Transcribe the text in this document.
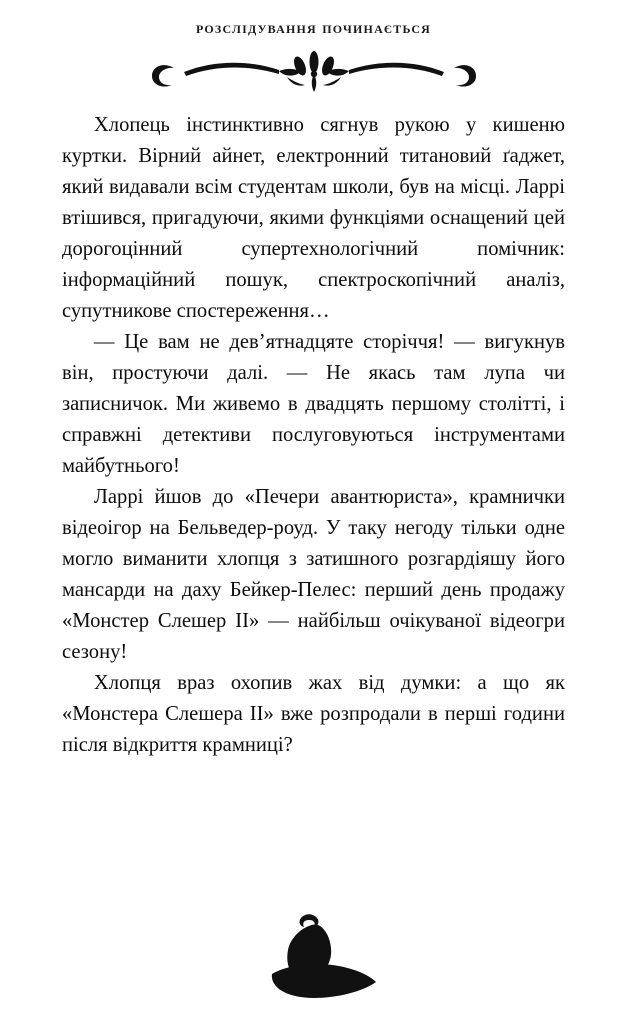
розслідування починається

Хлопець інстинктивно сягнув рукою у кишеню куртки. Вірний айнет, електронний титановий ґаджет, який видавали всім студентам школи, був на місці. Ларрі втішився, пригадуючи, якими функціями оснащений цей дорогоцінний супертехнологічний помічник: інформаційний пошук, спектроскопічний аналіз, супутникове спостереження…

— Це вам не дев’ятнадцяте сторіччя! — вигукнув він, простуючи далі. — Не якась там лупа чи записничок. Ми живемо в двадцять першому столітті, і справжні детективи послуговуються інструментами майбутнього!

Ларрі йшов до «Печери авантюриста», крамнички відеоігор на Бельведер-роуд. У таку негоду тільки одне могло виманити хлопця з затишного розгардіяшу його мансарди на даху Бейкер-Пелес: перший день продажу «Монстер Слешер II» — найбільш очікуваної відеогри сезону!

Хлопця враз охопив жах від думки: а що як «Монстера Слешера II» вже розпродали в перші години після відкриття крамниці?

9
